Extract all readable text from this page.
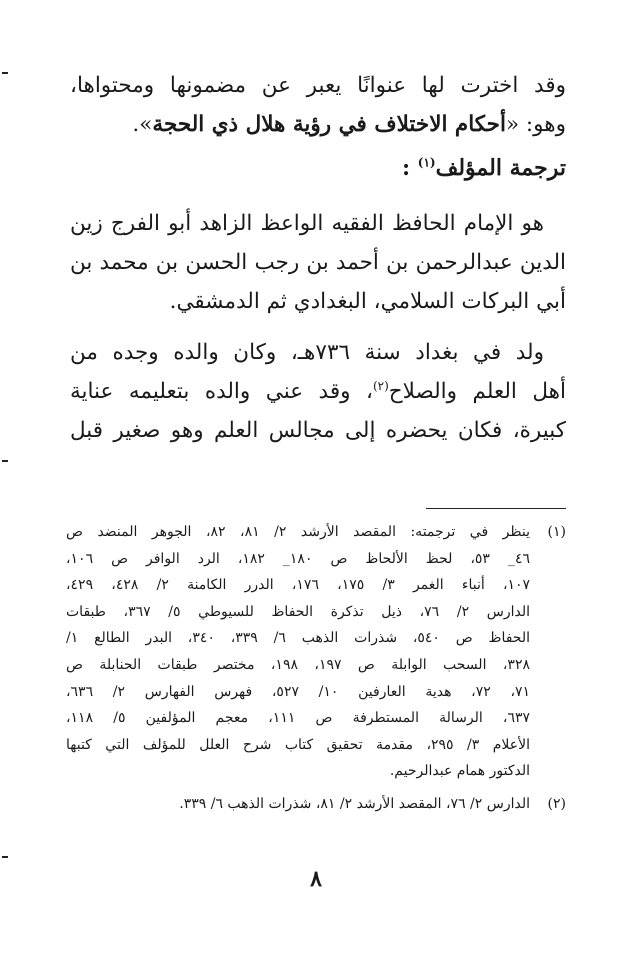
وقد اخترت لها عنوانًا يعبر عن مضمونها ومحتواها،
وهو: «أحكام الاختلاف في رؤية هلال ذي الحجة».
ترجمة المؤلف$^{(١)}$ :
هو الإمام الحافظ الفقيه الواعظ الزاهد أبو الفرج زين
الدين عبدالرحمن بن أحمد بن رجب الحسن بن محمد بن
أبي البركات السلامي، البغدادي ثم الدمشقي.
ولد في بغداد سنة ٧٣٦هـ، وكان والده وجده من
أهل العلم والصلاح$^{(٢)}$، وقد عني والده بتعليمه عناية
كبيرة، فكان يحضره إلى مجالس العلم وهو صغير قبل
(١)
ينظر في ترجمته: المقصد الأرشد ٢/ ٨١، ٨٢، الجوهر المنضد ص
٤٦_ ٥٣، لحظ الألحاظ ص ١٨٠_ ١٨٢، الرد الوافر ص ١٠٦،
١٠٧، أنباء الغمر ٣/ ١٧٥، ١٧٦، الدرر الكامنة ٢/ ٤٢٨، ٤٢٩،
الدارس ٢/ ٧٦، ذيل تذكرة الحفاظ للسيوطي ٥/ ٣٦٧، طبقات
الحفاظ ص ٥٤٠، شذرات الذهب ٦/ ٣٣٩، ٣٤٠، البدر الطالع ١/
٣٢٨، السحب الوابلة ص ١٩٧، ١٩٨، مختصر طبقات الحنابلة ص
٧١، ٧٢، هدية العارفين ١٠/ ٥٢٧، فهرس الفهارس ٢/ ٦٣٦،
٦٣٧، الرسالة المستطرفة ص ١١١، معجم المؤلفين ٥/ ١١٨،
الأعلام ٣/ ٢٩٥، مقدمة تحقيق كتاب شرح العلل للمؤلف التي كتبها
الدكتور همام عبدالرحيم.
(٢)
الدارس ٢/ ٧٦، المقصد الأرشد ٢/ ٨١، شذرات الذهب ٦/ ٣٣٩.
٨
